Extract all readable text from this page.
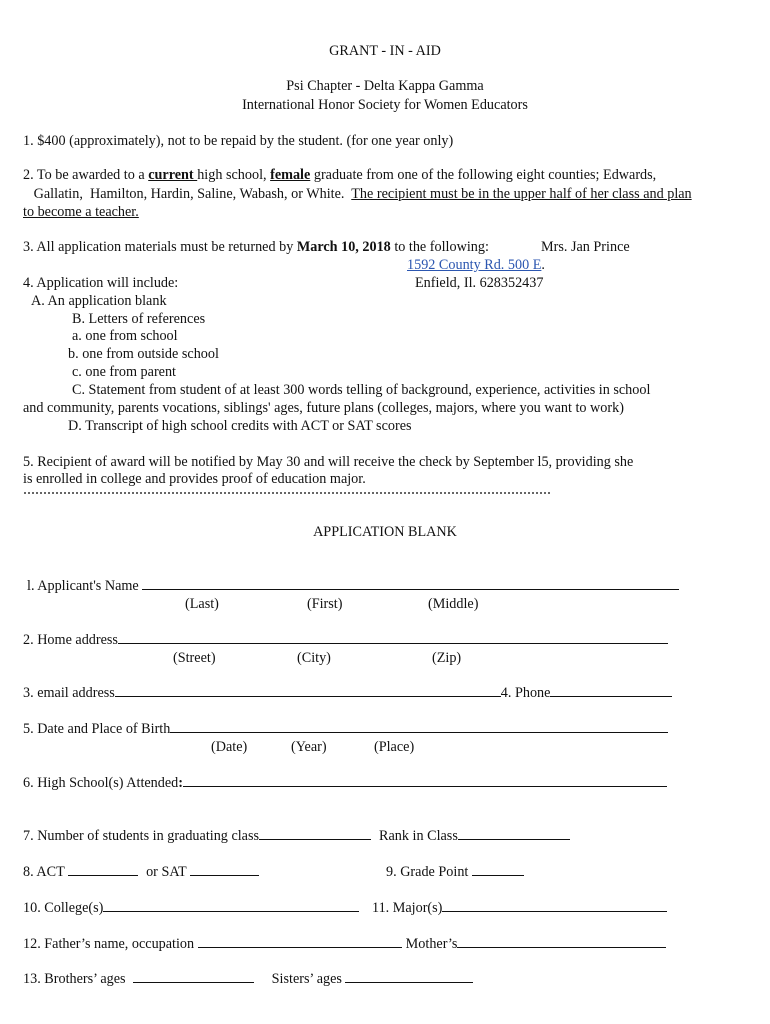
GRANT - IN - AID
Psi Chapter - Delta Kappa Gamma
International Honor Society for Women Educators
1. $400 (approximately), not to be repaid by the student. (for one year only)
2. To be awarded to a current high school, female graduate from one of the following eight counties; Edwards,
Gallatin,  Hamilton, Hardin, Saline, Wabash, or White.  The recipient must be in the upper half of her class and plan
to become a teacher.
3. All application materials must be returned by March 10, 2018 to the following:	Mrs. Jan Prince
1592 County Rd. 500 E.
4. Application will include:	Enfield, Il. 628352437
A. An application blank
B. Letters of references
a. one from school
b. one from outside school
c. one from parent
C. Statement from student of at least 300 words telling of background, experience, activities in school
and community, parents vocations, siblings' ages, future plans (colleges, majors, where you want to work)
D. Transcript of high school credits with ACT or SAT scores
5. Recipient of award will be notified by May 30 and will receive the check by September l5, providing she
is enrolled in college and provides proof of education major.
APPLICATION BLANK
l. Applicant's Name
(Last)	(First)	(Middle)
2. Home address
(Street)	(City)	(Zip)
3. email address	4. Phone
5. Date and Place of Birth
(Date)	(Year)	(Place)
6. High School(s) Attended:
7. Number of students in graduating class	Rank in Class
8. ACT	or SAT	9. Grade Point
10. College(s)	11. Major(s)
12. Father’s name, occupation	Mother’s
13. Brothers’ ages	Sisters’ ages
